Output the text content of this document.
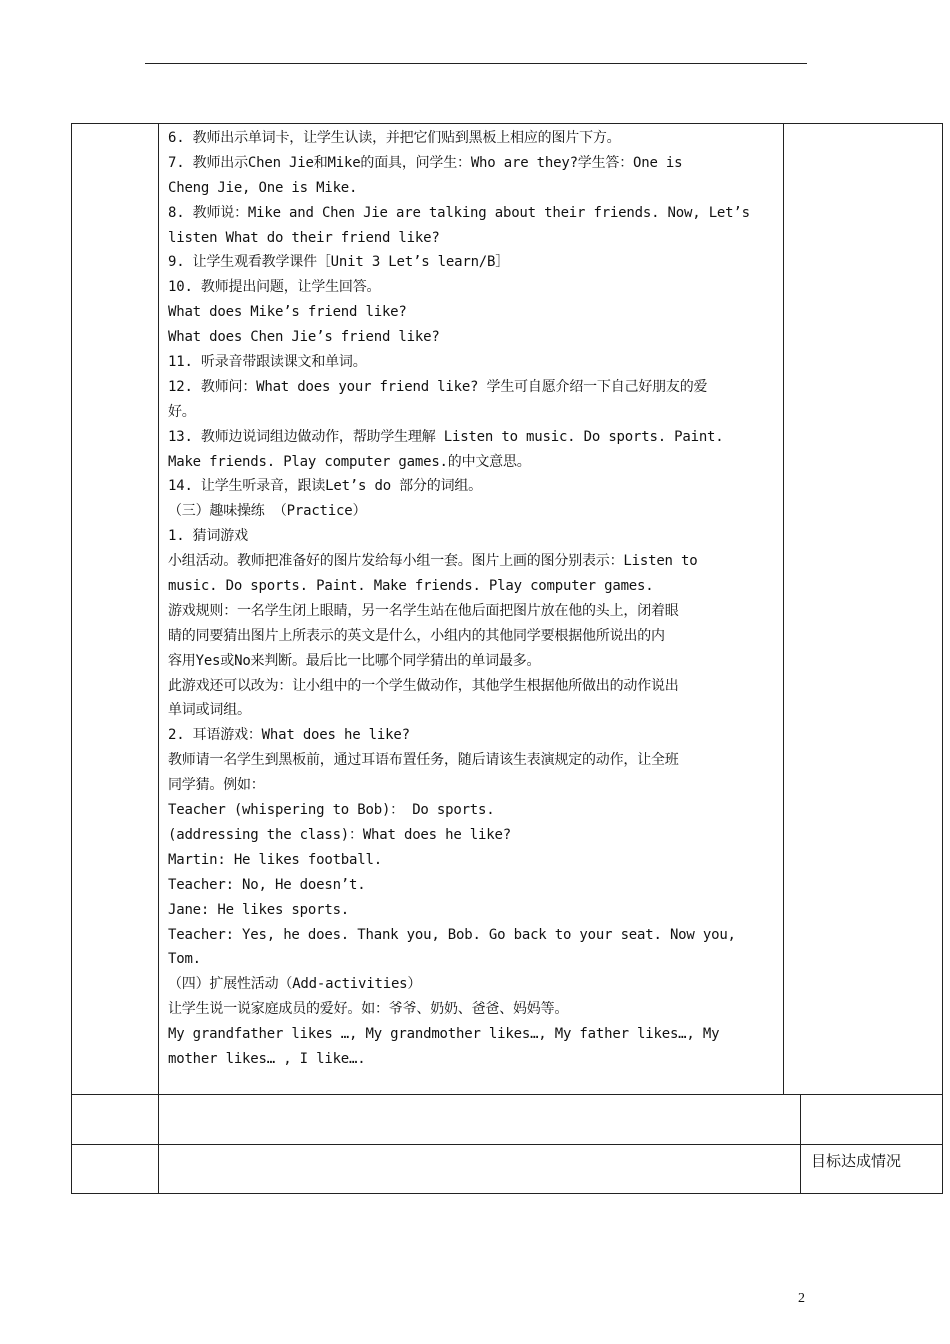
6. 教师出示单词卡，让学生认读，并把它们贴到黑板上相应的图片下方。
7. 教师出示Chen Jie和Mike的面具，问学生：Who are they?学生答：One is
Cheng Jie, One is Mike.
8. 教师说：Mike and Chen Jie are talking about their friends. Now, Let’s
listen What do their friend like?
9. 让学生观看教学课件［Unit 3 Let’s learn/B］
10. 教师提出问题，让学生回答。
What does Mike’s friend like?
What does Chen Jie’s friend like?
11. 听录音带跟读课文和单词。
12. 教师问：What does your friend like? 学生可自愿介绍一下自己好朋友的爱
好。
13. 教师边说词组边做动作，帮助学生理解 Listen to music. Do sports. Paint.
Make friends. Play computer games.的中文意思。
14. 让学生听录音，跟读Let’s do 部分的词组。
（三）趣味操练 （Practice）
1. 猜词游戏
小组活动。教师把准备好的图片发给每小组一套。图片上画的图分别表示：Listen to
music. Do sports. Paint. Make friends. Play computer games.
游戏规则：一名学生闭上眼睛，另一名学生站在他后面把图片放在他的头上，闭着眼
睛的同要猜出图片上所表示的英文是什么，小组内的其他同学要根据他所说出的内
容用Yes或No来判断。最后比一比哪个同学猜出的单词最多。
此游戏还可以改为：让小组中的一个学生做动作，其他学生根据他所做出的动作说出
单词或词组。
2. 耳语游戏：What does he like?
教师请一名学生到黑板前，通过耳语布置任务，随后请该生表演规定的动作，让全班
同学猜。例如：
Teacher (whispering to Bob)： Do sports.
(addressing the class)：What does he like?
Martin: He likes football.
Teacher: No, He doesn’t.
Jane: He likes sports.
Teacher: Yes, he does. Thank you, Bob. Go back to your seat. Now you,
Tom.
（四）扩展性活动（Add-activities）
让学生说一说家庭成员的爱好。如：爷爷、奶奶、爸爸、妈妈等。
My grandfather likes …, My grandmother likes…, My father likes…, My
mother likes… , I like….
目标达成情况
2
